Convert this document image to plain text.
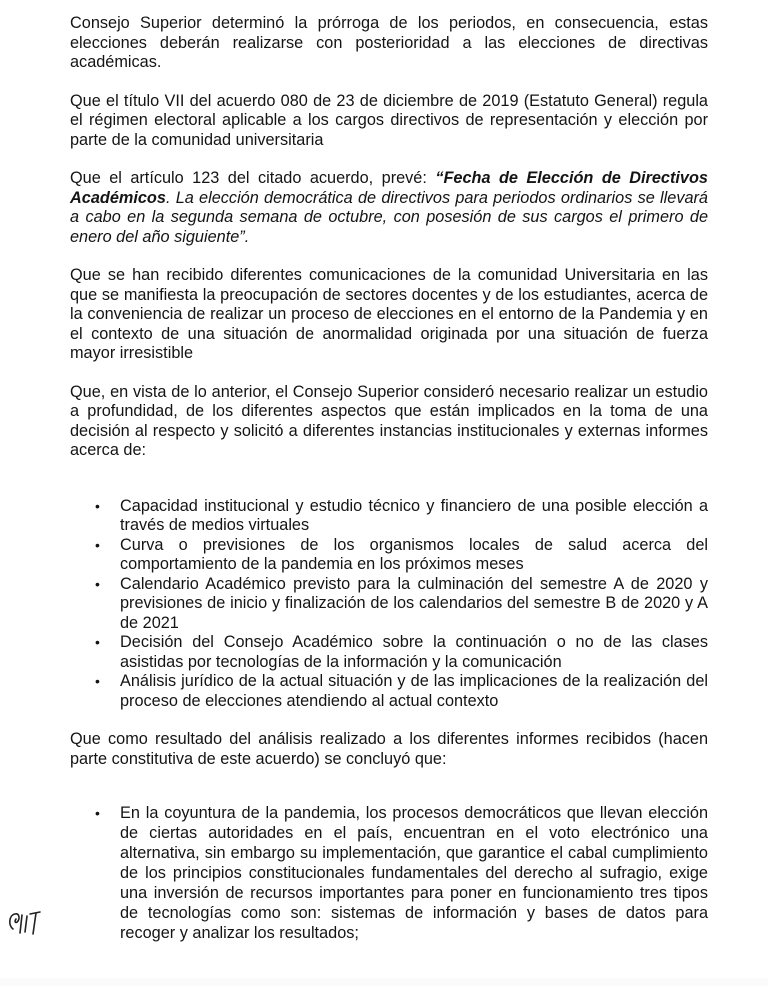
Consejo Superior determinó la prórroga de los periodos, en consecuencia, estas elecciones deberán realizarse con posterioridad a las elecciones de directivas académicas.

Que el título VII del acuerdo 080 de 23 de diciembre de 2019 (Estatuto General) regula el régimen electoral aplicable a los cargos directivos de representación y elección por parte de la comunidad universitaria

Que el artículo 123 del citado acuerdo, prevé: “Fecha de Elección de Directivos Académicos. La elección democrática de directivos para periodos ordinarios se llevará a cabo en la segunda semana de octubre, con posesión de sus cargos el primero de enero del año siguiente”.

Que se han recibido diferentes comunicaciones de la comunidad Universitaria en las que se manifiesta la preocupación de sectores docentes y de los estudiantes, acerca de la conveniencia de realizar un proceso de elecciones en el entorno de la Pandemia y en el contexto de una situación de anormalidad originada por una situación de fuerza mayor irresistible

Que, en vista de lo anterior, el Consejo Superior consideró necesario realizar un estudio a profundidad, de los diferentes aspectos que están implicados en la toma de una decisión al respecto y solicitó a diferentes instancias institucionales y externas informes acerca de:

• Capacidad institucional y estudio técnico y financiero de una posible elección a través de medios virtuales
• Curva o previsiones de los organismos locales de salud acerca del comportamiento de la pandemia en los próximos meses
• Calendario Académico previsto para la culminación del semestre A de 2020 y previsiones de inicio y finalización de los calendarios del semestre B de 2020 y A de 2021
• Decisión del Consejo Académico sobre la continuación o no de las clases asistidas por tecnologías de la información y la comunicación
• Análisis jurídico de la actual situación y de las implicaciones de la realización del proceso de elecciones atendiendo al actual contexto

Que como resultado del análisis realizado a los diferentes informes recibidos (hacen parte constitutiva de este acuerdo) se concluyó que:

• En la coyuntura de la pandemia, los procesos democráticos que llevan elección de ciertas autoridades en el país, encuentran en el voto electrónico una alternativa, sin embargo su implementación, que garantice el cabal cumplimiento de los principios constitucionales fundamentales del derecho al sufragio, exige una inversión de recursos importantes para poner en funcionamiento tres tipos de tecnologías como son: sistemas de información y bases de datos para recoger y analizar los resultados;
